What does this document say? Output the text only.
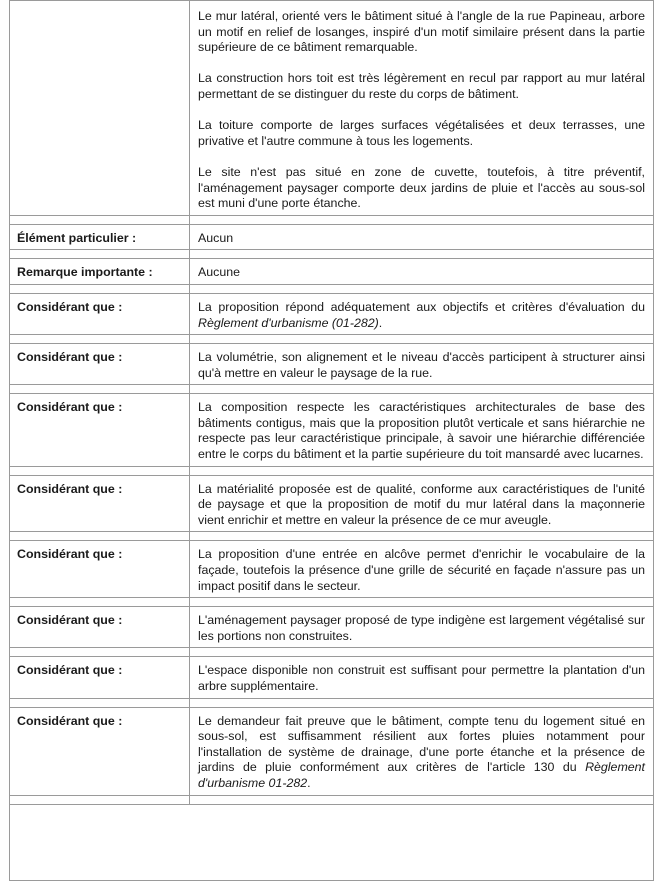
	Le mur latéral, orienté vers le bâtiment situé à l'angle de la rue Papineau, arbore un motif en relief de losanges, inspiré d'un motif similaire présent dans la partie supérieure de ce bâtiment remarquable.

La construction hors toit est très légèrement en recul par rapport au mur latéral permettant de se distinguer du reste du corps de bâtiment.

La toiture comporte de larges surfaces végétalisées et deux terrasses, une privative et l'autre commune à tous les logements.

Le site n'est pas situé en zone de cuvette, toutefois, à titre préventif, l'aménagement paysager comporte deux jardins de pluie et l'accès au sous-sol est muni d'une porte étanche.

Élément particulier :	Aucun

Remarque importante :	Aucune

Considérant que :	La proposition répond adéquatement aux objectifs et critères d'évaluation du Règlement d'urbanisme (01-282).

Considérant que :	La volumétrie, son alignement et le niveau d'accès participent à structurer ainsi qu'à mettre en valeur le paysage de la rue.

Considérant que :	La composition respecte les caractéristiques architecturales de base des bâtiments contigus, mais que la proposition plutôt verticale et sans hiérarchie ne respecte pas leur caractéristique principale, à savoir une hiérarchie différenciée entre le corps du bâtiment et la partie supérieure du toit mansardé avec lucarnes.

Considérant que :	La matérialité proposée est de qualité, conforme aux caractéristiques de l'unité de paysage et que la proposition de motif du mur latéral dans la maçonnerie vient enrichir et mettre en valeur la présence de ce mur aveugle.

Considérant que :	La proposition d'une entrée en alcôve permet d'enrichir le vocabulaire de la façade, toutefois la présence d'une grille de sécurité en façade n'assure pas un impact positif dans le secteur.

Considérant que :	L'aménagement paysager proposé de type indigène est largement végétalisé sur les portions non construites.

Considérant que :	L'espace disponible non construit est suffisant pour permettre la plantation d'un arbre supplémentaire.

Considérant que :	Le demandeur fait preuve que le bâtiment, compte tenu du logement situé en sous-sol, est suffisamment résilient aux fortes pluies notamment pour l'installation de système de drainage, d'une porte étanche et la présence de jardins de pluie conformément aux critères de l'article 130 du Règlement d'urbanisme 01-282.
